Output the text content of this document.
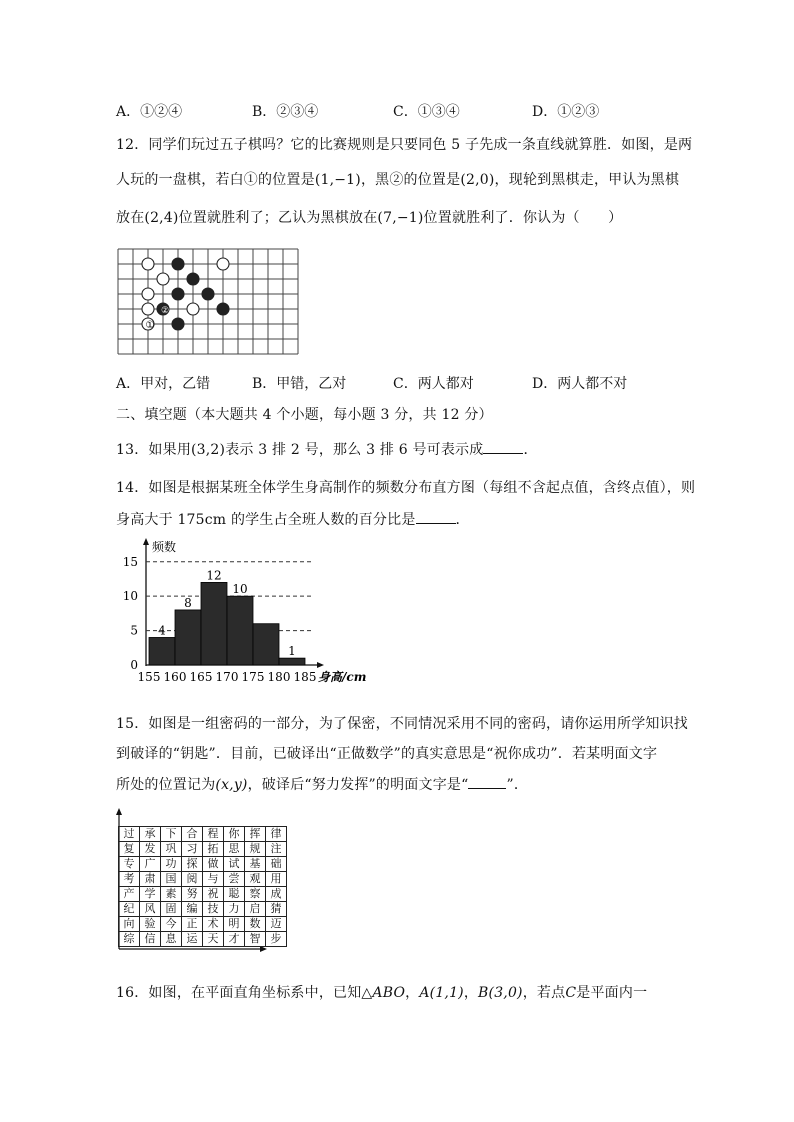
A．①②④	B．②③④	C．①③④	D．①②③
12．同学们玩过五子棋吗？它的比赛规则是只要同色 5 子先成一条直线就算胜．如图，是两
人玩的一盘棋，若白①的位置是(1,−1)，黑②的位置是(2,0)，现轮到黑棋走，甲认为黑棋
放在(2,4)位置就胜利了；乙认为黑棋放在(7,−1)位置就胜利了．你认为（　　）
①
②
A．甲对，乙错	B．甲错，乙对	C．两人都对	D．两人都不对
二、填空题（本大题共 4 个小题，每小题 3 分，共 12 分）
13．如果用(3,2)表示 3 排 2 号，那么 3 排 6 号可表示成	．
14．如图是根据某班全体学生身高制作的频数分布直方图（每组不含起点值，含终点值），则
身高大于 175cm 的学生占全班人数的百分比是	．
频数
身高/cm
4
8
12
10
1
0
5
10
15
155 160 165 170 175 180 185
15．如图是一组密码的一部分，为了保密，不同情况采用不同的密码，请你运用所学知识找
到破译的“钥匙”．目前，已破译出“正做数学”的真实意思是“祝你成功”．若某明面文字
所处的位置记为(x,y)，破译后“努力发挥”的明面文字是“	”．
过	承	下	合	程	你	挥	律
复	发	巩	习	拓	思	规	注
专	广	功	探	做	试	基	础
考	肃	国	阅	与	尝	观	用
产	学	素	努	祝	聪	察	成
纪	风	固	编	技	力	启	猜
向	验	今	正	术	明	数	迈
综	信	息	运	天	才	智	步
16．如图，在平面直角坐标系中，已知△ABO，A(1,1)，B(3,0)，若点C是平面内一
